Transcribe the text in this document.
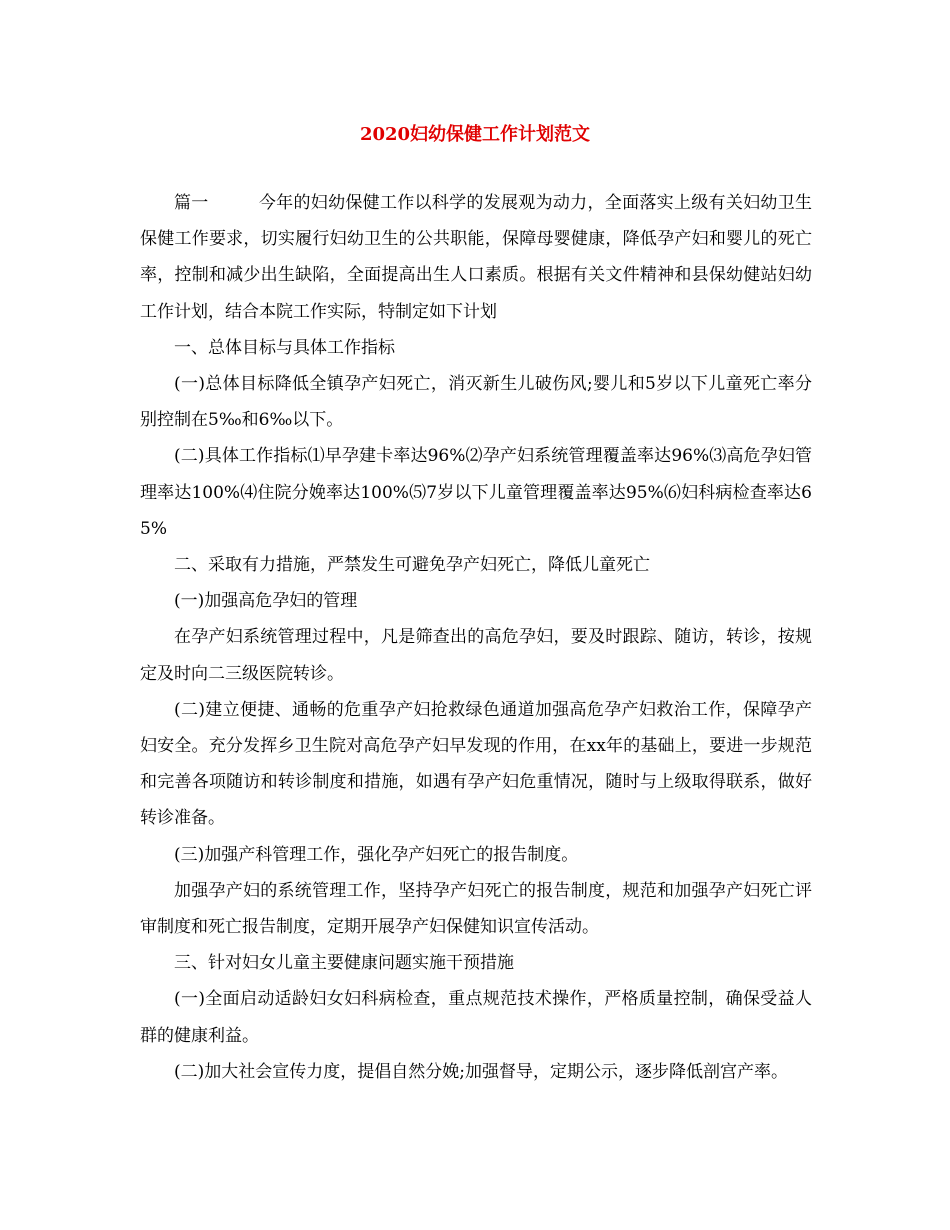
2020妇幼保健工作计划范文

篇一	今年的妇幼保健工作以科学的发展观为动力，全面落实上级有关妇幼卫生保健工作要求，切实履行妇幼卫生的公共职能，保障母婴健康，降低孕产妇和婴儿的死亡率，控制和减少出生缺陷，全面提高出生人口素质。根据有关文件精神和县保幼健站妇幼工作计划，结合本院工作实际，特制定如下计划

一、总体目标与具体工作指标

(一)总体目标降低全镇孕产妇死亡，消灭新生儿破伤风;婴儿和5岁以下儿童死亡率分别控制在5‰和6‰以下。

(二)具体工作指标⑴早孕建卡率达96%⑵孕产妇系统管理覆盖率达96%⑶高危孕妇管理率达100%⑷住院分娩率达100%⑸7岁以下儿童管理覆盖率达95%⑹妇科病检查率达65%

二、采取有力措施，严禁发生可避免孕产妇死亡，降低儿童死亡

(一)加强高危孕妇的管理

在孕产妇系统管理过程中，凡是筛查出的高危孕妇，要及时跟踪、随访，转诊，按规定及时向二三级医院转诊。

(二)建立便捷、通畅的危重孕产妇抢救绿色通道加强高危孕产妇救治工作，保障孕产妇安全。充分发挥乡卫生院对高危孕产妇早发现的作用，在xx年的基础上，要进一步规范和完善各项随访和转诊制度和措施，如遇有孕产妇危重情况，随时与上级取得联系，做好转诊准备。

(三)加强产科管理工作，强化孕产妇死亡的报告制度。

加强孕产妇的系统管理工作，坚持孕产妇死亡的报告制度，规范和加强孕产妇死亡评审制度和死亡报告制度，定期开展孕产妇保健知识宣传活动。

三、针对妇女儿童主要健康问题实施干预措施

(一)全面启动适龄妇女妇科病检查，重点规范技术操作，严格质量控制，确保受益人群的健康利益。

(二)加大社会宣传力度，提倡自然分娩;加强督导，定期公示，逐步降低剖宫产率。
